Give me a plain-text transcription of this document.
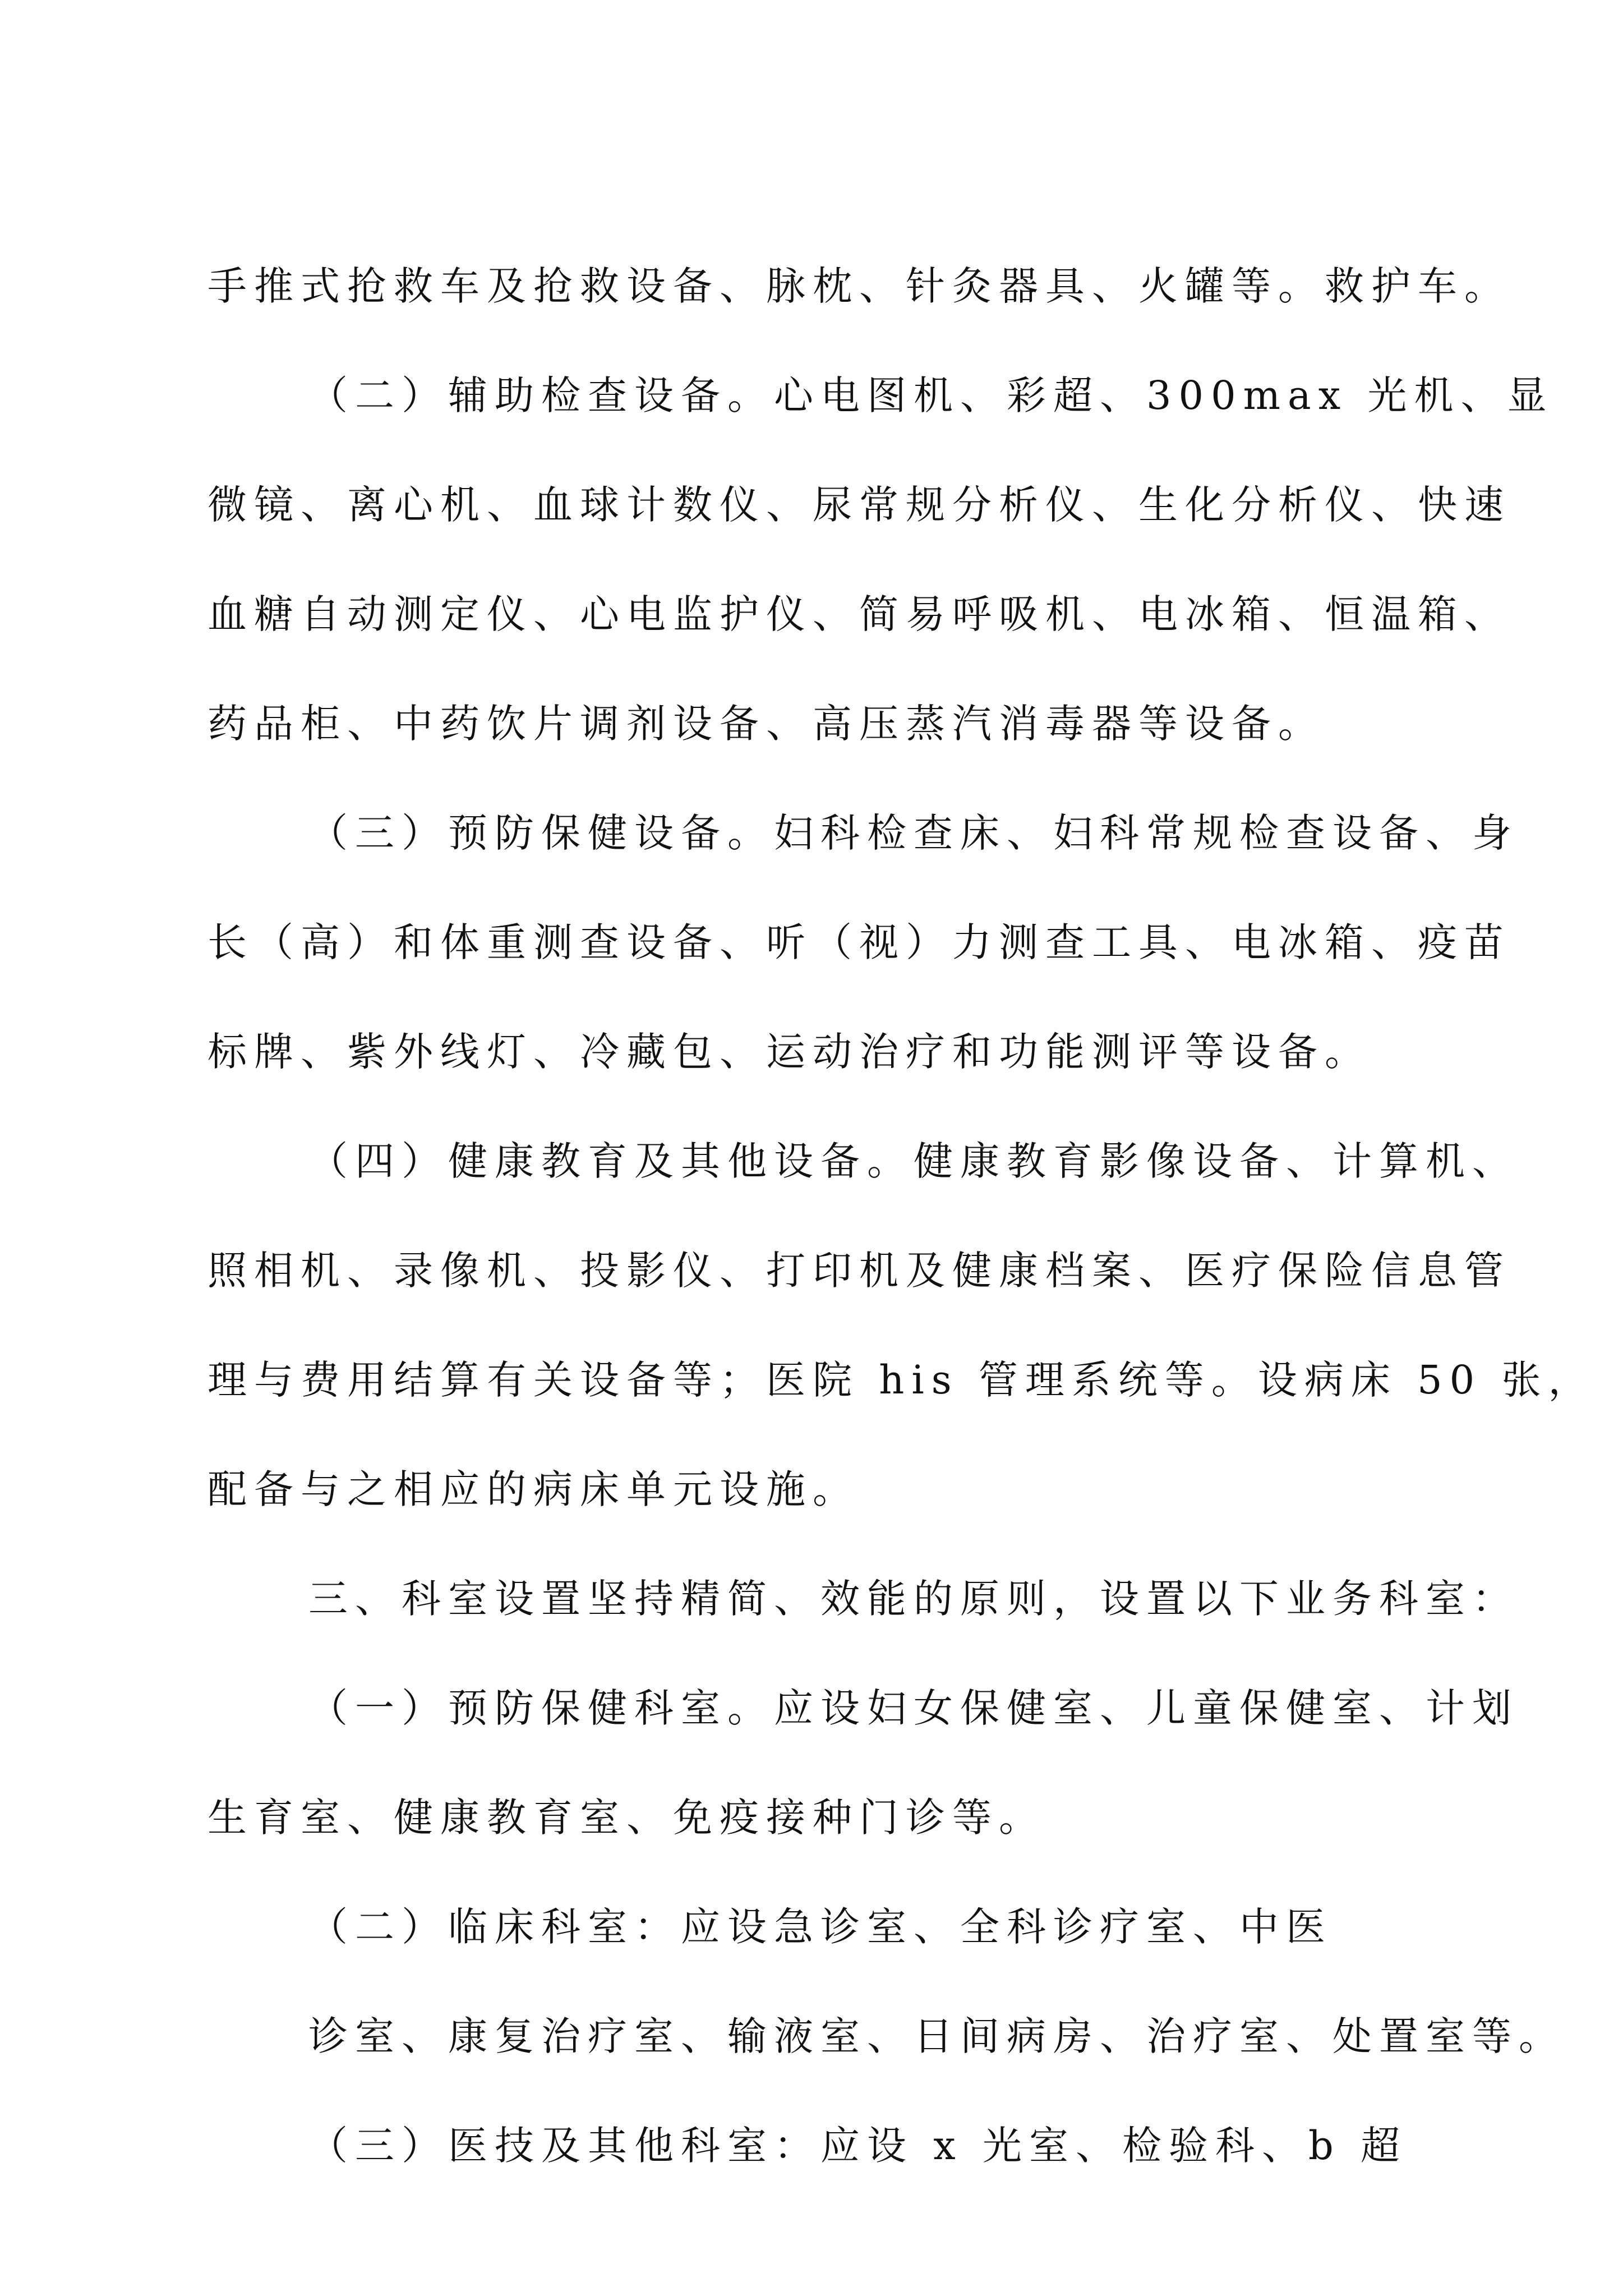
手推式抢救车及抢救设备、脉枕、针灸器具、火罐等。救护车。
（二）辅助检查设备。心电图机、彩超、300max 光机、显
微镜、离心机、血球计数仪、尿常规分析仪、生化分析仪、快速
血糖自动测定仪、心电监护仪、简易呼吸机、电冰箱、恒温箱、
药品柜、中药饮片调剂设备、高压蒸汽消毒器等设备。
（三）预防保健设备。妇科检查床、妇科常规检查设备、身
长（高）和体重测查设备、听（视）力测查工具、电冰箱、疫苗
标牌、紫外线灯、冷藏包、运动治疗和功能测评等设备。
（四）健康教育及其他设备。健康教育影像设备、计算机、
照相机、录像机、投影仪、打印机及健康档案、医疗保险信息管
理与费用结算有关设备等；医院 his 管理系统等。设病床 50 张，
配备与之相应的病床单元设施。
三、科室设置坚持精简、效能的原则，设置以下业务科室：
（一）预防保健科室。应设妇女保健室、儿童保健室、计划
生育室、健康教育室、免疫接种门诊等。
（二）临床科室：应设急诊室、全科诊疗室、中医
诊室、康复治疗室、输液室、日间病房、治疗室、处置室等。
（三）医技及其他科室：应设 x 光室、检验科、b 超
